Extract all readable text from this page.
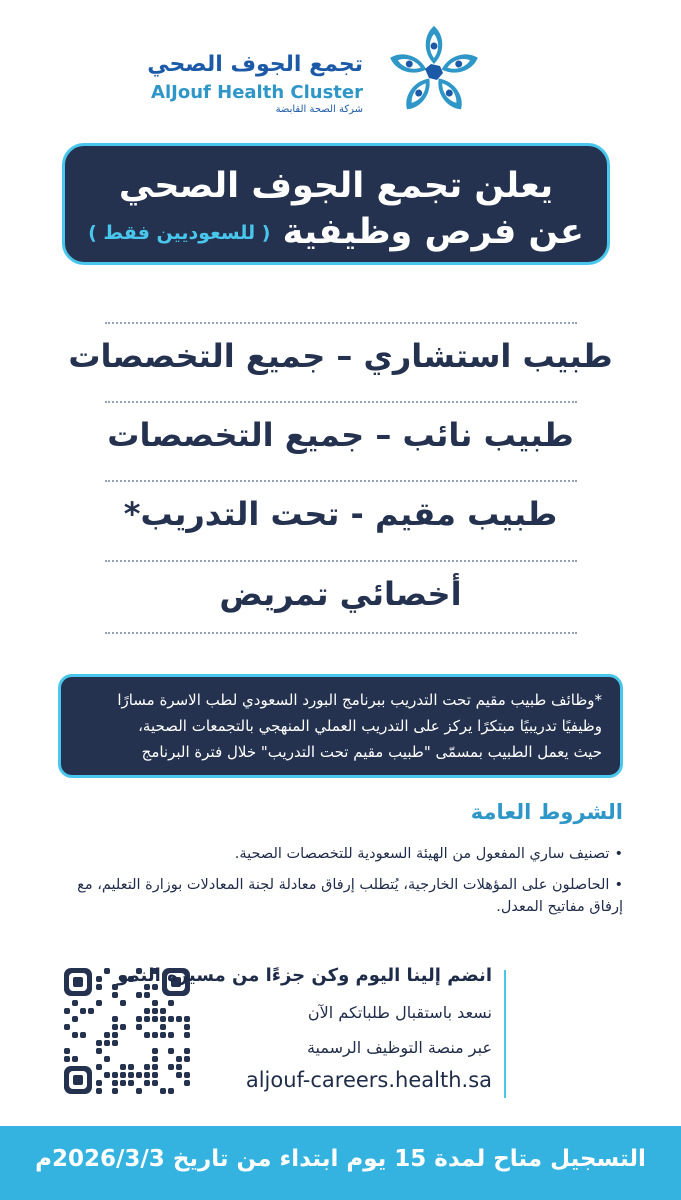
تجمع الجوف الصحي
AlJouf Health Cluster
شركة الصحة القابضة
يعلن تجمع الجوف الصحي
عن فرص وظيفية ( للسعوديين فقط )
طبيب استشاري – جميع التخصصات
طبيب نائب – جميع التخصصات
طبيب مقيم - تحت التدريب*
أخصائي تمريض
*وظائف طبيب مقيم تحت التدريب ببرنامج البورد السعودي لطب الاسرة مسارًا
وظيفيًا تدريبيًا مبتكرًا يركز على التدريب العملي المنهجي بالتجمعات الصحية،
حيث يعمل الطبيب بمسمّى "طبيب مقيم تحت التدريب" خلال فترة البرنامج
الشروط العامة
• تصنيف ساري المفعول من الهيئة السعودية للتخصصات الصحية.
• الحاصلون على المؤهلات الخارجية، يُتطلب إرفاق معادلة لجنة المعادلات بوزارة التعليم، مع إرفاق مفاتيح المعدل.
انضم إلينا اليوم وكن جزءًا من مسيرة النمو
نسعد باستقبال طلباتكم الآن
عبر منصة التوظيف الرسمية
aljouf-careers.health.sa
التسجيل متاح لمدة 15 يوم ابتداء من تاريخ 2026/3/3م
